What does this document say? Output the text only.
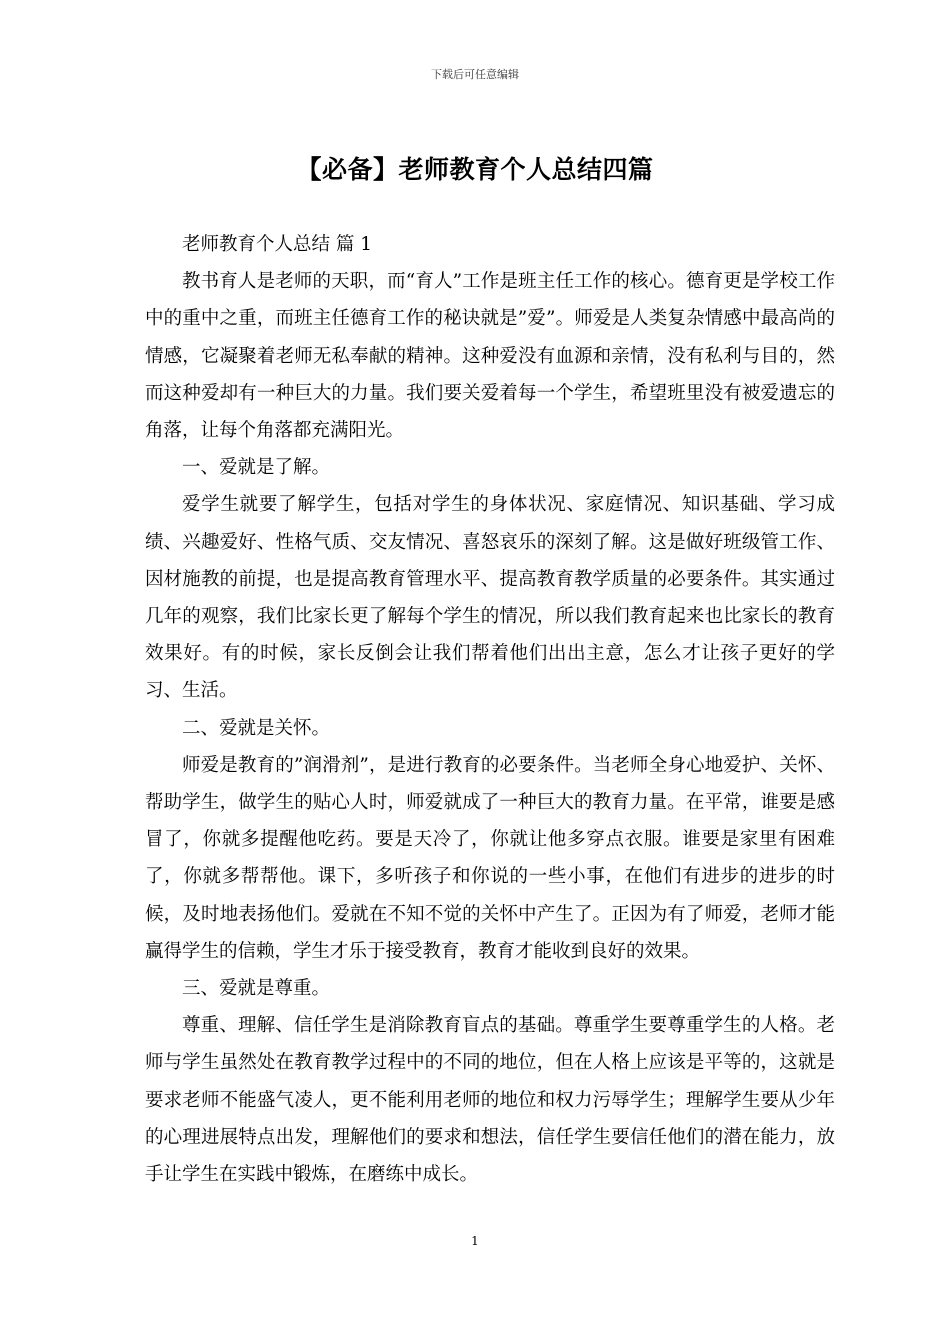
下载后可任意编辑
【必备】老师教育个人总结四篇

老师教育个人总结 篇 1

教书育人是老师的天职，而“育人”工作是班主任工作的核心。德育更是学校工作中的重中之重，而班主任德育工作的秘诀就是”爱”。师爱是人类复杂情感中最高尚的情感，它凝聚着老师无私奉献的精神。这种爱没有血源和亲情，没有私利与目的，然而这种爱却有一种巨大的力量。我们要关爱着每一个学生，希望班里没有被爱遗忘的角落，让每个角落都充满阳光。

一、爱就是了解。

爱学生就要了解学生，包括对学生的身体状况、家庭情况、知识基础、学习成绩、兴趣爱好、性格气质、交友情况、喜怒哀乐的深刻了解。这是做好班级管工作、因材施教的前提，也是提高教育管理水平、提高教育教学质量的必要条件。其实通过几年的观察，我们比家长更了解每个学生的情况，所以我们教育起来也比家长的教育效果好。有的时候，家长反倒会让我们帮着他们出出主意，怎么才让孩子更好的学习、生活。

二、爱就是关怀。

师爱是教育的”润滑剂”，是进行教育的必要条件。当老师全身心地爱护、关怀、帮助学生，做学生的贴心人时，师爱就成了一种巨大的教育力量。在平常，谁要是感冒了，你就多提醒他吃药。要是天冷了，你就让他多穿点衣服。谁要是家里有困难了，你就多帮帮他。课下，多听孩子和你说的一些小事，在他们有进步的进步的时候，及时地表扬他们。爱就在不知不觉的关怀中产生了。正因为有了师爱，老师才能赢得学生的信赖，学生才乐于接受教育，教育才能收到良好的效果。

三、爱就是尊重。

尊重、理解、信任学生是消除教育盲点的基础。尊重学生要尊重学生的人格。老师与学生虽然处在教育教学过程中的不同的地位，但在人格上应该是平等的，这就是要求老师不能盛气凌人，更不能利用老师的地位和权力污辱学生；理解学生要从少年的心理进展特点出发，理解他们的要求和想法，信任学生要信任他们的潜在能力，放手让学生在实践中锻炼，在磨练中成长。

1
